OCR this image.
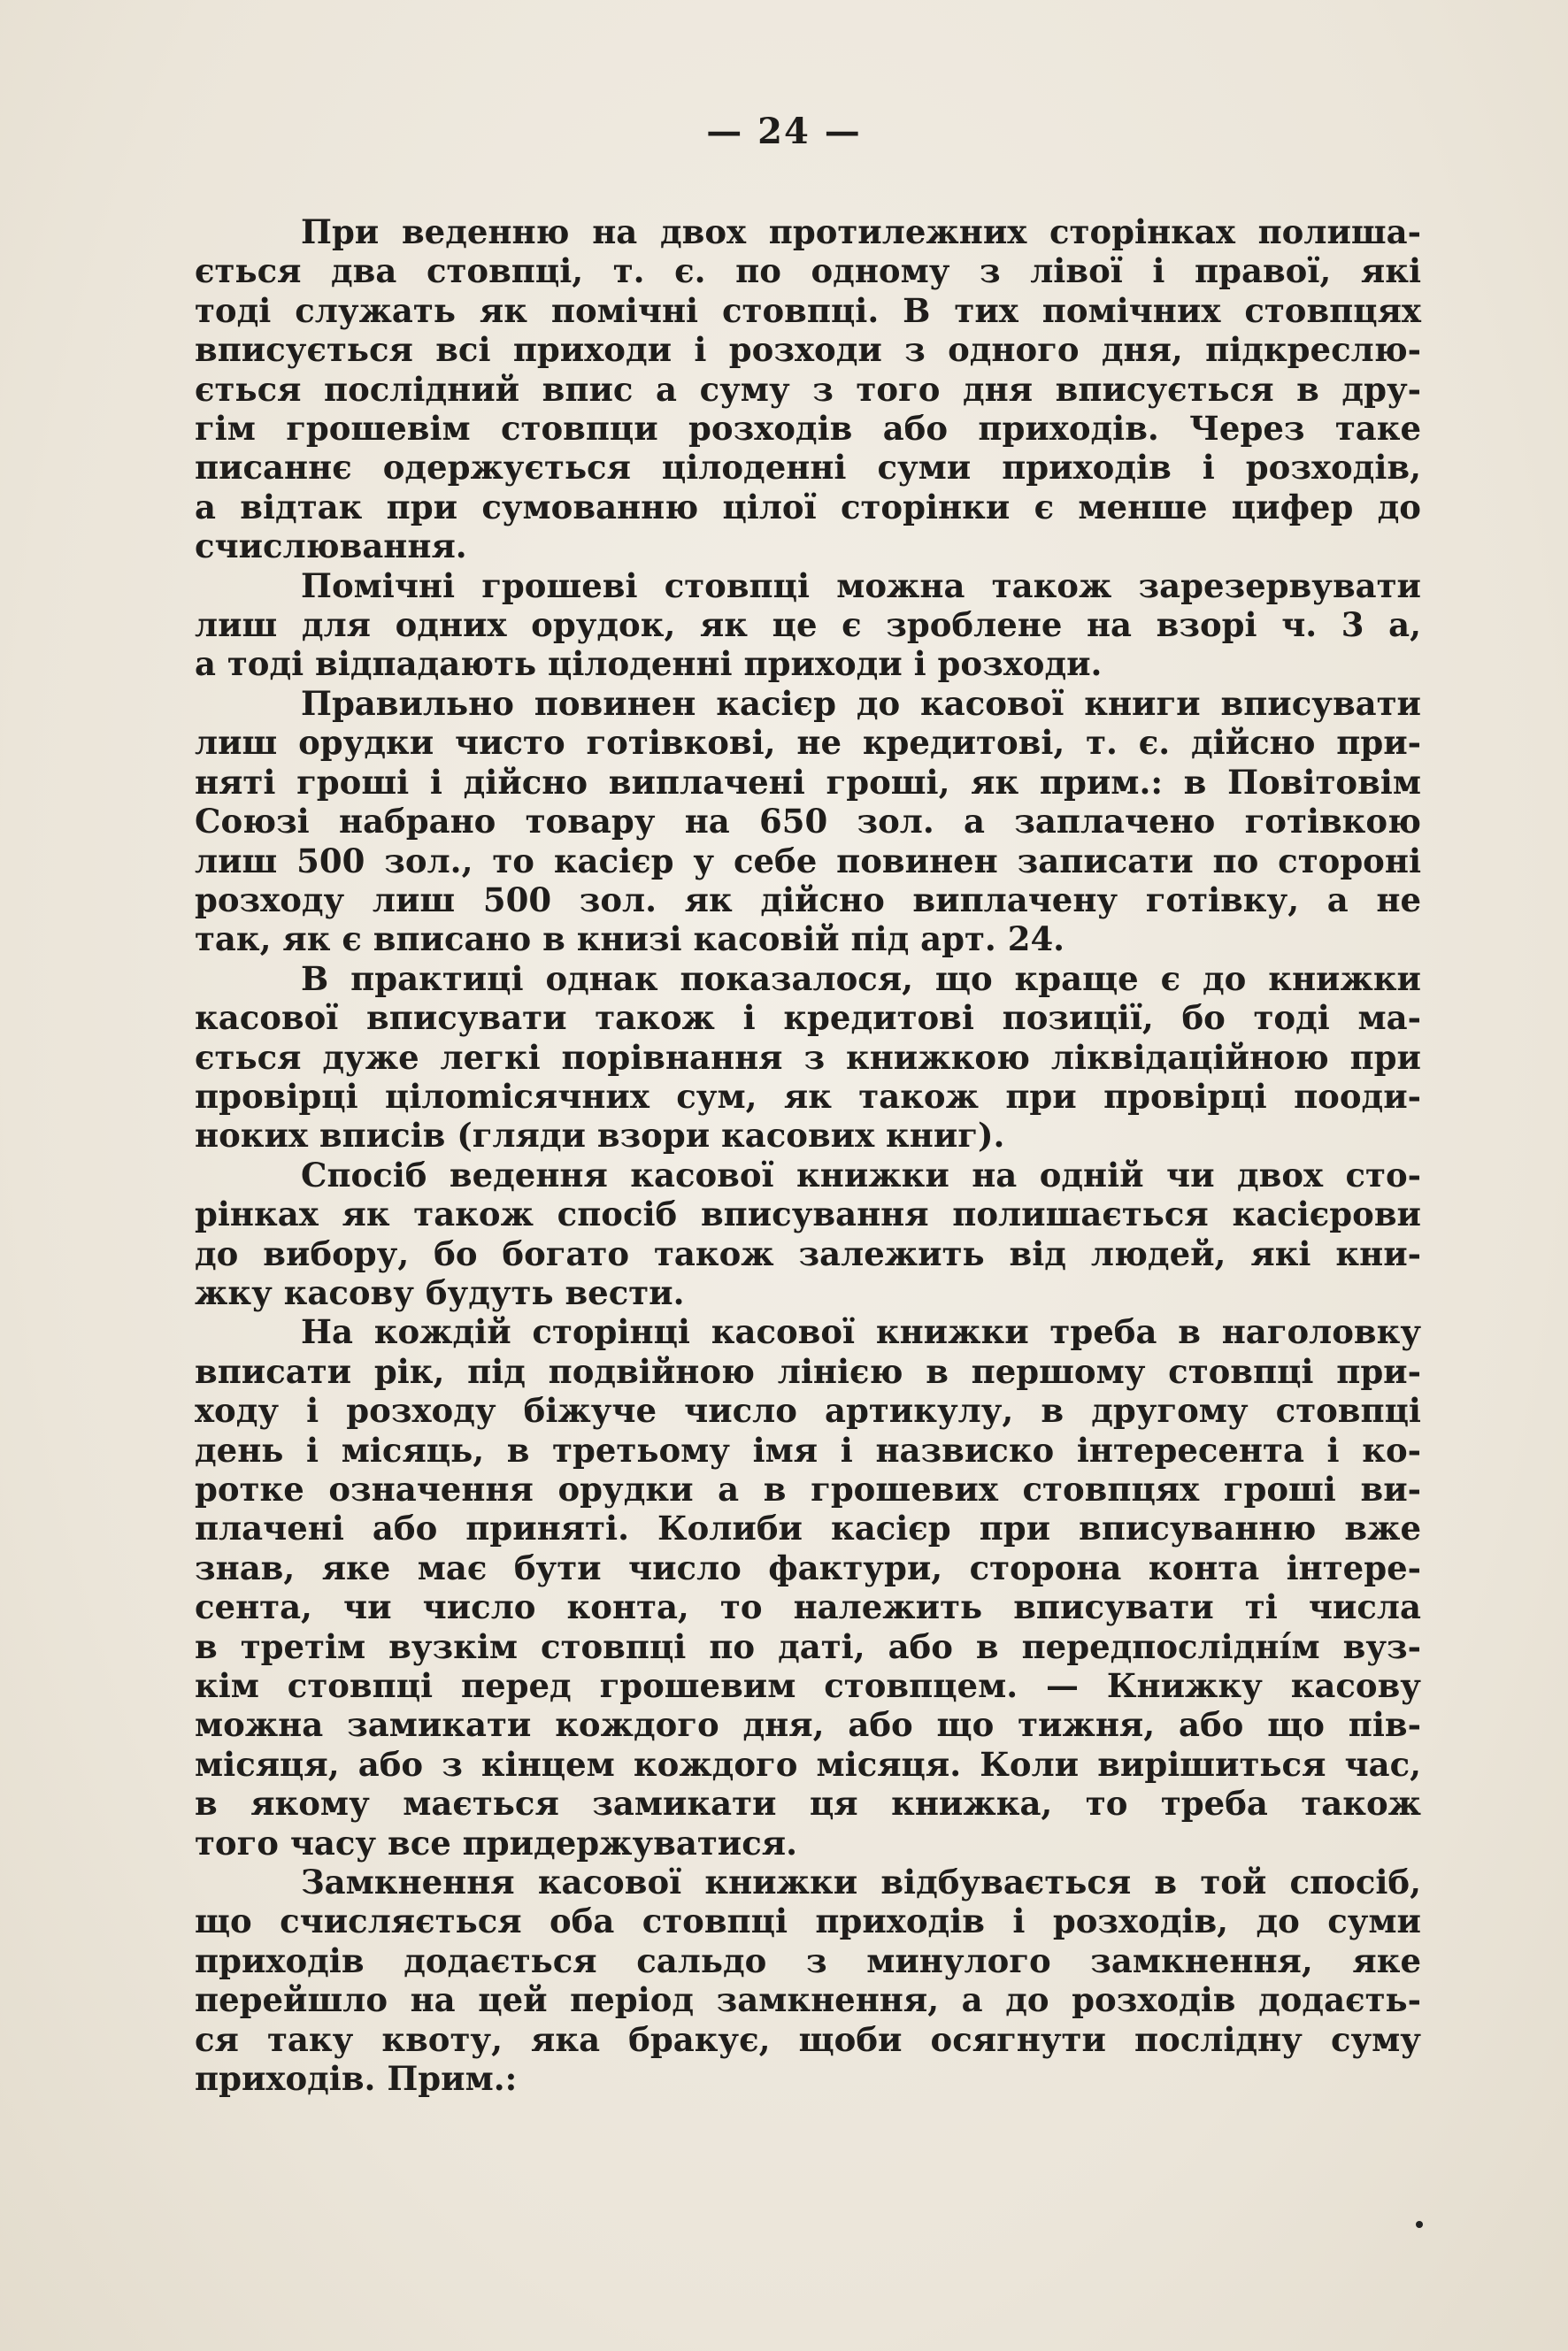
— 24 —

При веденню на двох протилежних сторінках полиша-
ється два стовпці, т. є. по одному з лівої і правої, які
тоді служать як помічні стовпці. В тих помічних стовпцях
вписується всі приходи і розходи з одного дня, підкреслю-
ється послідний впис а суму з того дня вписується в дру-
гім грошевім стовпци розходів або приходів. Через таке
писаннє одержується цілоденні суми приходів і розходів,
а відтак при сумованню цілої сторінки є менше цифер до
счислювання.

Помічні грошеві стовпці можна також зарезервувати
лиш для одних орудок, як це є зроблене на взорі ч. 3 а,
а тоді відпадають цілоденні приходи і розходи.

Правильно повинен касієр до касової книги вписувати
лиш орудки чисто готівкові, не кредитові, т. є. дійсно при-
няті гроші і дійсно виплачені гроші, як прим.: в Повітовім
Союзі набрано товару на 650 зол. а заплачено готівкою
лиш 500 зол., то касієр у себе повинен записати по стороні
розходу лиш 500 зол. як дійсно виплачену готівку, а не
так, як є вписано в книзі касовій під арт. 24.

В практиці однак показалося, що краще є до книжки
касової вписувати також і кредитові позиції, бо тоді ма-
ється дуже легкі порівнання з книжкою ліквідаційною при
провірці цілomісячних сум, як також при провірці поoди-
ноких вписів (гляди взори касових книг).

Спосіб ведення касової книжки на одній чи двох сто-
рінках як також спосіб вписування полишається касієрови
до вибору, бо богато також залежить від людей, які кни-
жку касову будуть вести.

На кождій сторінці касової книжки треба в наголовку
вписати рік, під подвійною лінією в першому стовпці при-
ходу і розходу біжуче число артикулу, в другому стовпці
день і місяць, в третьому імя і назвиско інтересента і ко-
ротке означення орудки а в грошевих стовпцях гроші ви-
плачені або приняті. Колиби касієр при вписуванню вже
знав, яке має бути число фактури, сторона конта інтере-
сента, чи число конта, то належить вписувати ті числа
в третім вузкім стовпці по даті, або в передпослідні́м вуз-
кім стовпці перед грошевим стовпцем. — Книжку касову
можна замикати кождого дня, або що тижня, або що пів-
місяця, або з кінцем кождого місяця. Коли вирішиться час,
в якому мається замикати ця книжка, то треба також
того часу все придержуватися.

Замкнення касової книжки відбувається в той спосіб,
що счисляється оба стовпці приходів і розходів, до суми
приходів додається сальдо з минулого замкнення, яке
перейшло на цей період замкнення, а до розходів додаєть-
ся таку квоту, яка бракує, щоби осягнути послідну суму
приходів. Прим.:
